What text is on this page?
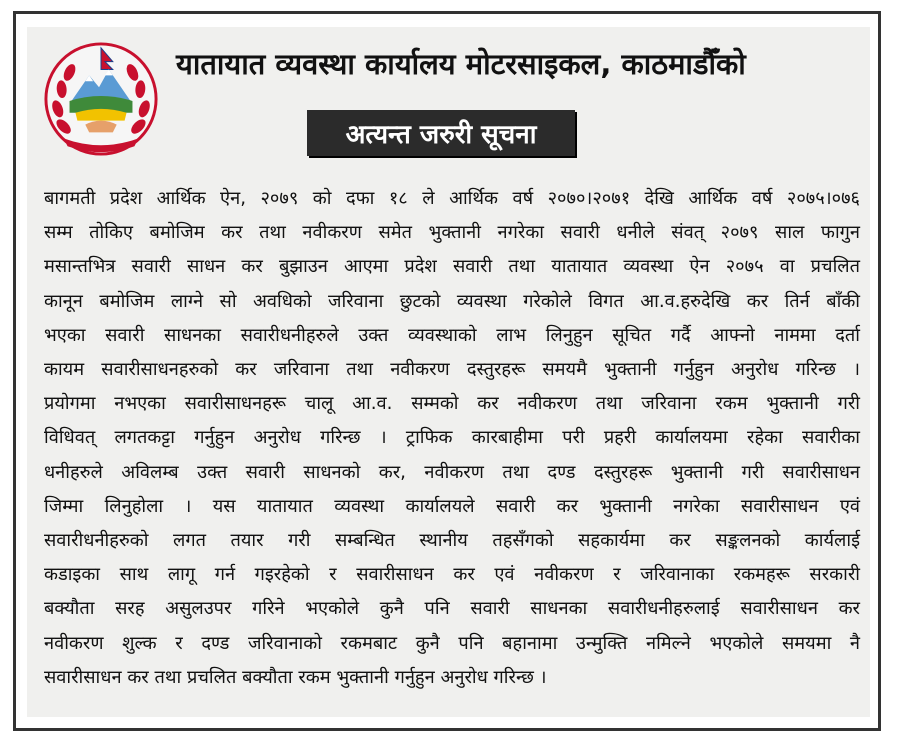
यातायात व्यवस्था कार्यालय मोटरसाइकल, काठमाडौँको
अत्यन्त जरुरी सूचना
बागमती प्रदेश आर्थिक ऐन, २०७९ को दफा १८ ले आर्थिक वर्ष २०७०।२०७१ देखि आर्थिक वर्ष २०७५।०७६
सम्म तोकिए बमोजिम कर तथा नवीकरण समेत भुक्तानी नगरेका सवारी धनीले संवत् २०७९ साल फागुन
मसान्तभित्र सवारी साधन कर बुझाउन आएमा प्रदेश सवारी तथा यातायात व्यवस्था ऐन २०७५ वा प्रचलित
कानून बमोजिम लाग्ने सो अवधिको जरिवाना छुटको व्यवस्था गरेकोले विगत आ.व.हरुदेखि कर तिर्न बाँकी
भएका सवारी साधनका सवारीधनीहरुले उक्त व्यवस्थाको लाभ लिनुहुन सूचित गर्दै आफ्नो नाममा दर्ता
कायम सवारीसाधनहरुको कर जरिवाना तथा नवीकरण दस्तुरहरू समयमै भुक्तानी गर्नुहुन अनुरोध गरिन्छ ।
प्रयोगमा नभएका सवारीसाधनहरू चालू आ.व. सम्मको कर नवीकरण तथा जरिवाना रकम भुक्तानी गरी
विधिवत् लगतकट्टा गर्नुहुन अनुरोध गरिन्छ । ट्राफिक कारबाहीमा परी प्रहरी कार्यालयमा रहेका सवारीका
धनीहरुले अविलम्ब उक्त सवारी साधनको कर, नवीकरण तथा दण्ड दस्तुरहरू भुक्तानी गरी सवारीसाधन
जिम्मा लिनुहोला । यस यातायात व्यवस्था कार्यालयले सवारी कर भुक्तानी नगरेका सवारीसाधन एवं
सवारीधनीहरुको लगत तयार गरी सम्बन्धित स्थानीय तहसँगको सहकार्यमा कर सङ्कलनको कार्यलाई
कडाइका साथ लागू गर्न गइरहेको र सवारीसाधन कर एवं नवीकरण र जरिवानाका रकमहरू सरकारी
बक्यौता सरह असुलउपर गरिने भएकोले कुनै पनि सवारी साधनका सवारीधनीहरुलाई सवारीसाधन कर
नवीकरण शुल्क र दण्ड जरिवानाको रकमबाट कुनै पनि बहानामा उन्मुक्ति नमिल्ने भएकोले समयमा नै
सवारीसाधन कर तथा प्रचलित बक्यौता रकम भुक्तानी गर्नुहुन अनुरोध गरिन्छ ।
